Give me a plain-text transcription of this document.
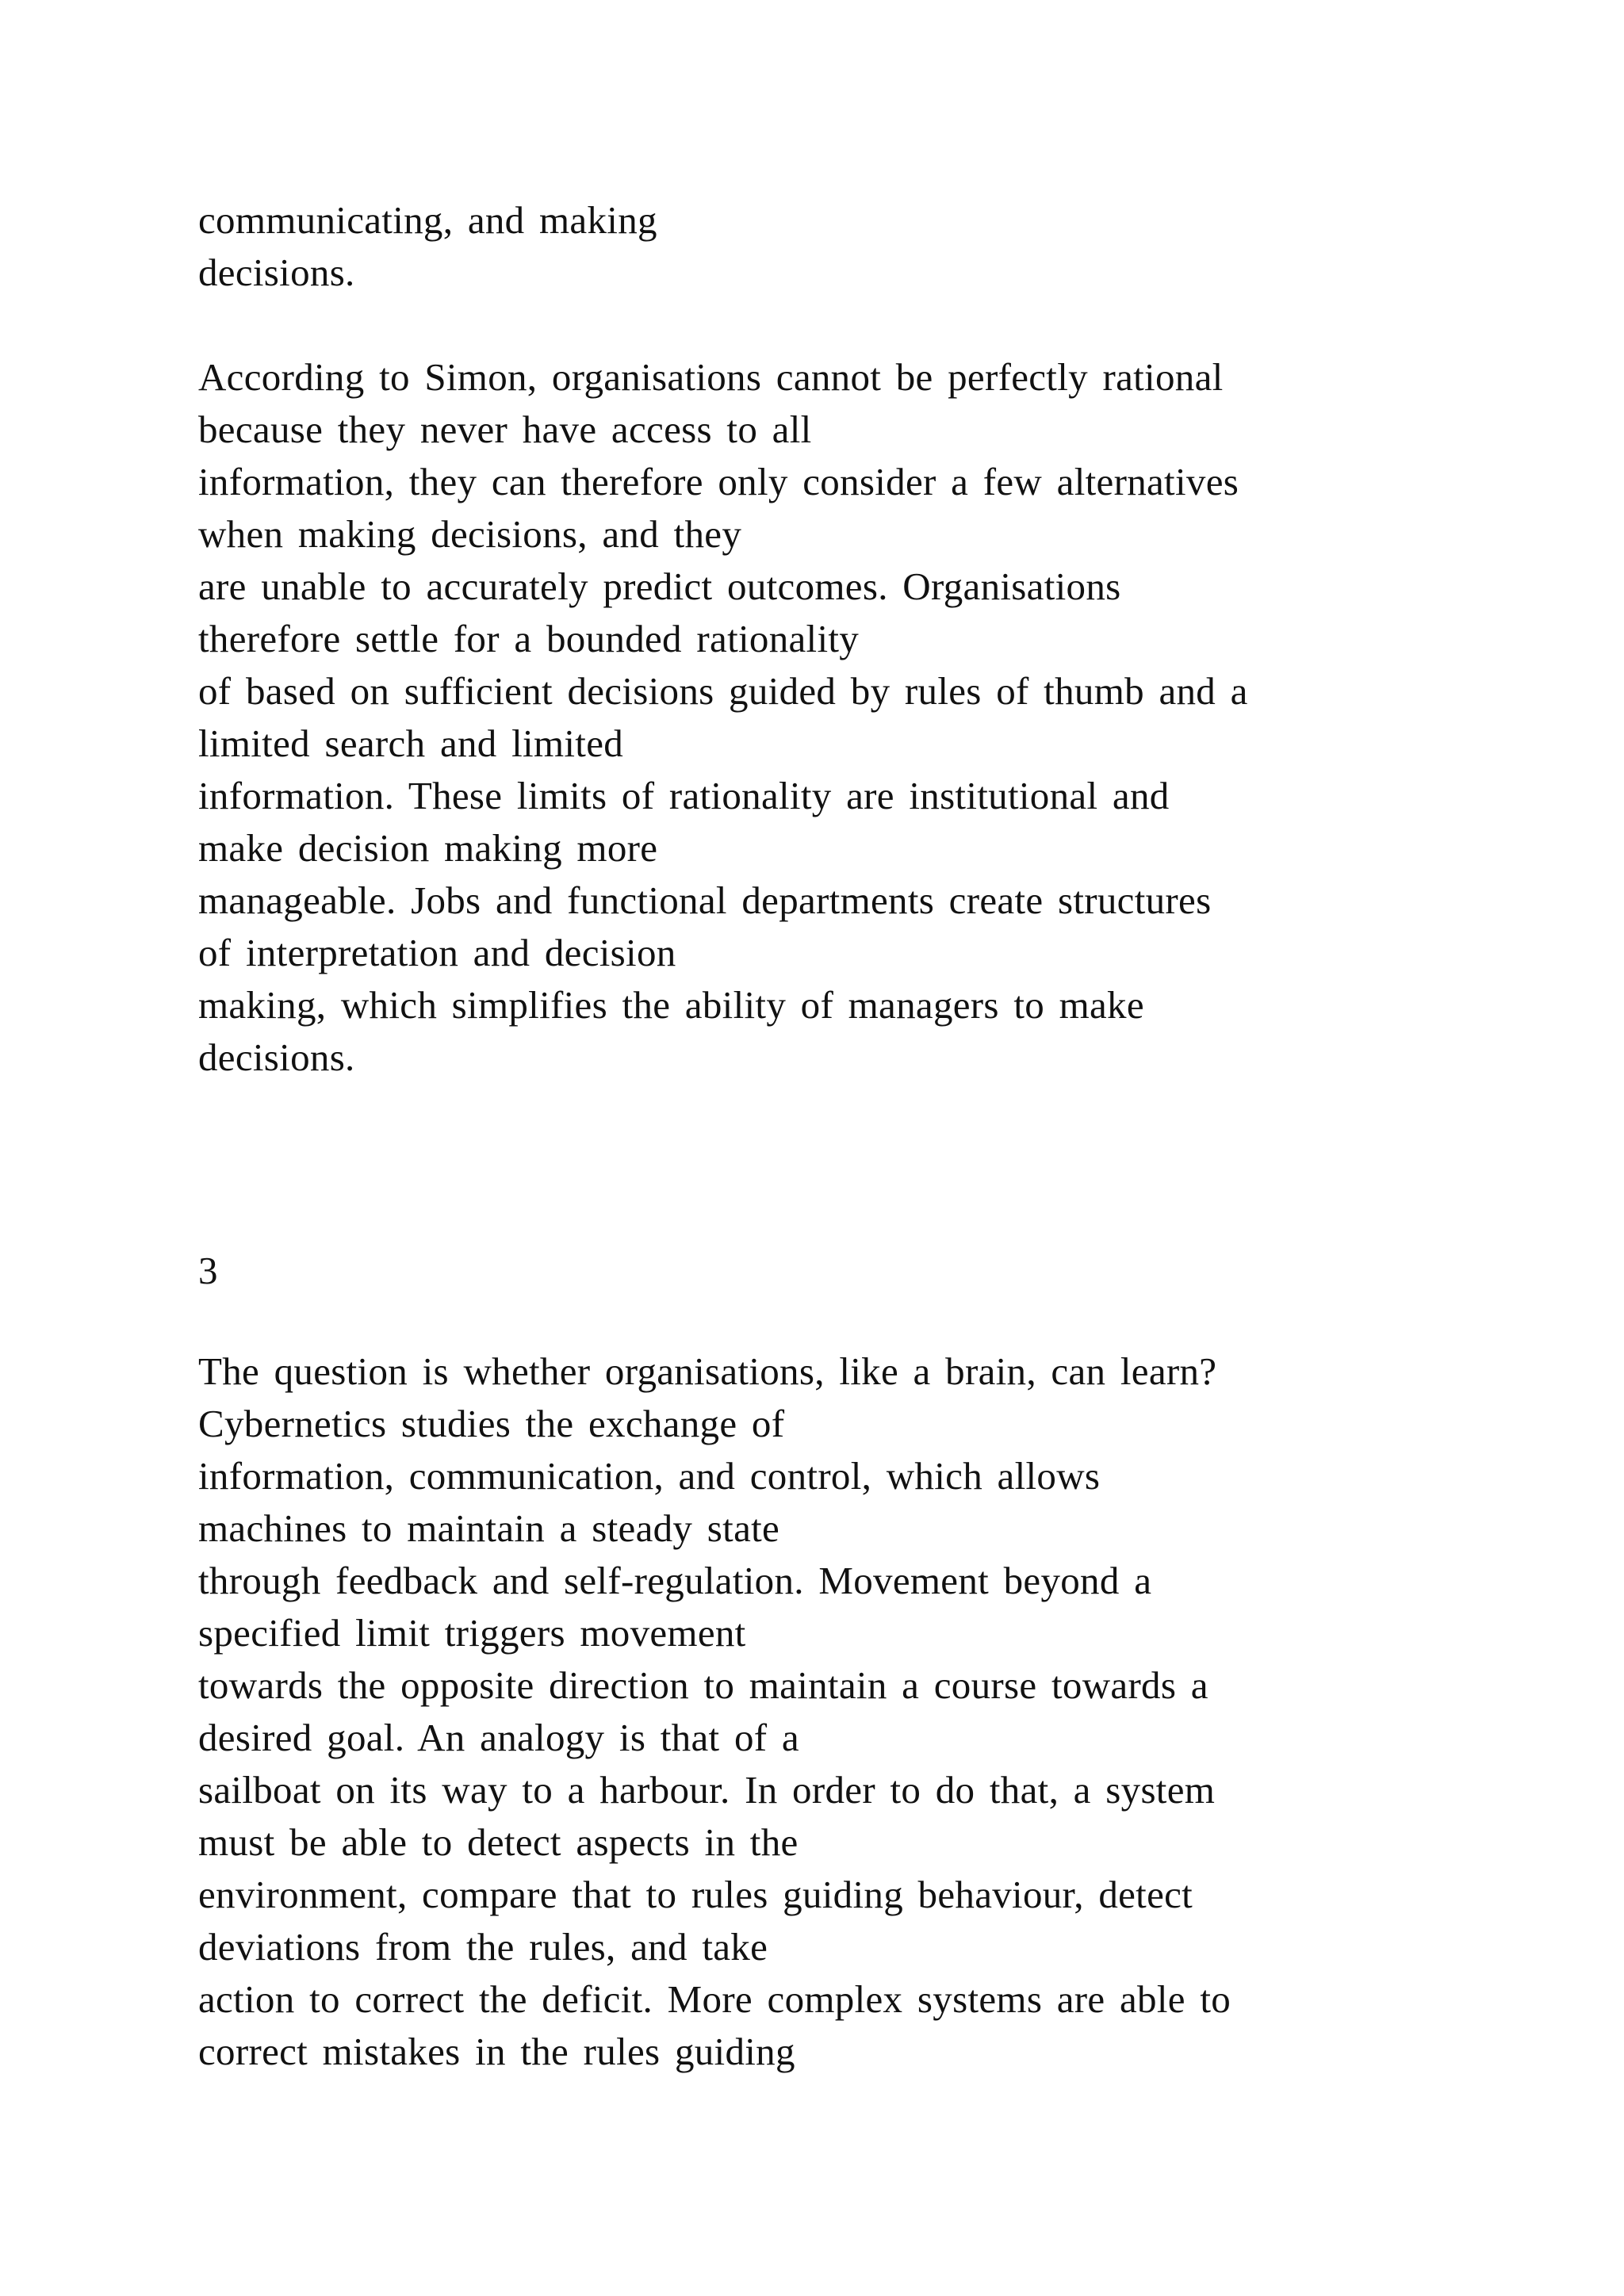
communicating, and making
decisions.
According to Simon, organisations cannot be perfectly rational
because they never have access to all
information, they can therefore only consider a few alternatives
when making decisions, and they
are unable to accurately predict outcomes. Organisations
therefore settle for a bounded rationality
of based on sufficient decisions guided by rules of thumb and a
limited search and limited
information. These limits of rationality are institutional and
make decision making more
manageable. Jobs and functional departments create structures
of interpretation and decision
making, which simplifies the ability of managers to make
decisions.
3
The question is whether organisations, like a brain, can learn?
Cybernetics studies the exchange of
information, communication, and control, which allows
machines to maintain a steady state
through feedback and self-regulation. Movement beyond a
specified limit triggers movement
towards the opposite direction to maintain a course towards a
desired goal. An analogy is that of a
sailboat on its way to a harbour. In order to do that, a system
must be able to detect aspects in the
environment, compare that to rules guiding behaviour, detect
deviations from the rules, and take
action to correct the deficit. More complex systems are able to
correct mistakes in the rules guiding
